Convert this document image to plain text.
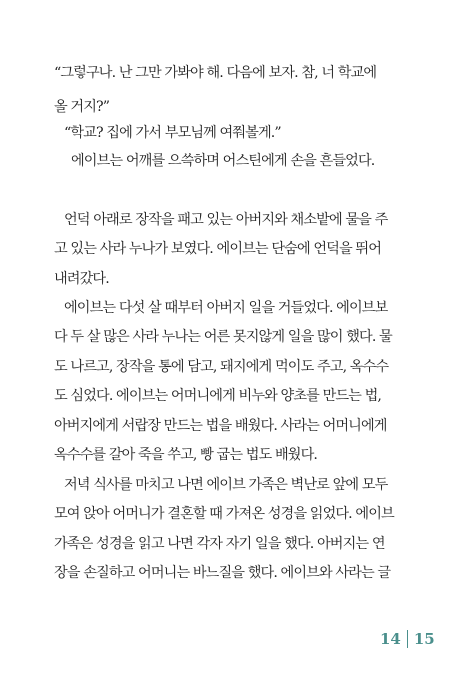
“그렇구나. 난 그만 가봐야 해. 다음에 보자. 참, 너 학교에
올 거지?”
“학교? 집에 가서 부모님께 여쭤볼게.”
에이브는 어깨를 으쓱하며 어스틴에게 손을 흔들었다.
언덕 아래로 장작을 패고 있는 아버지와 채소밭에 물을 주
고 있는 사라 누나가 보였다. 에이브는 단숨에 언덕을 뛰어
내려갔다.
에이브는 다섯 살 때부터 아버지 일을 거들었다. 에이브보
다 두 살 많은 사라 누나는 어른 못지않게 일을 많이 했다. 물
도 나르고, 장작을 통에 담고, 돼지에게 먹이도 주고, 옥수수
도 심었다. 에이브는 어머니에게 비누와 양초를 만드는 법,
아버지에게 서랍장 만드는 법을 배웠다. 사라는 어머니에게
옥수수를 갈아 죽을 쑤고, 빵 굽는 법도 배웠다.
저녁 식사를 마치고 나면 에이브 가족은 벽난로 앞에 모두
모여 앉아 어머니가 결혼할 때 가져온 성경을 읽었다. 에이브
가족은 성경을 읽고 나면 각자 자기 일을 했다. 아버지는 연
장을 손질하고 어머니는 바느질을 했다. 에이브와 사라는 글
14 15
